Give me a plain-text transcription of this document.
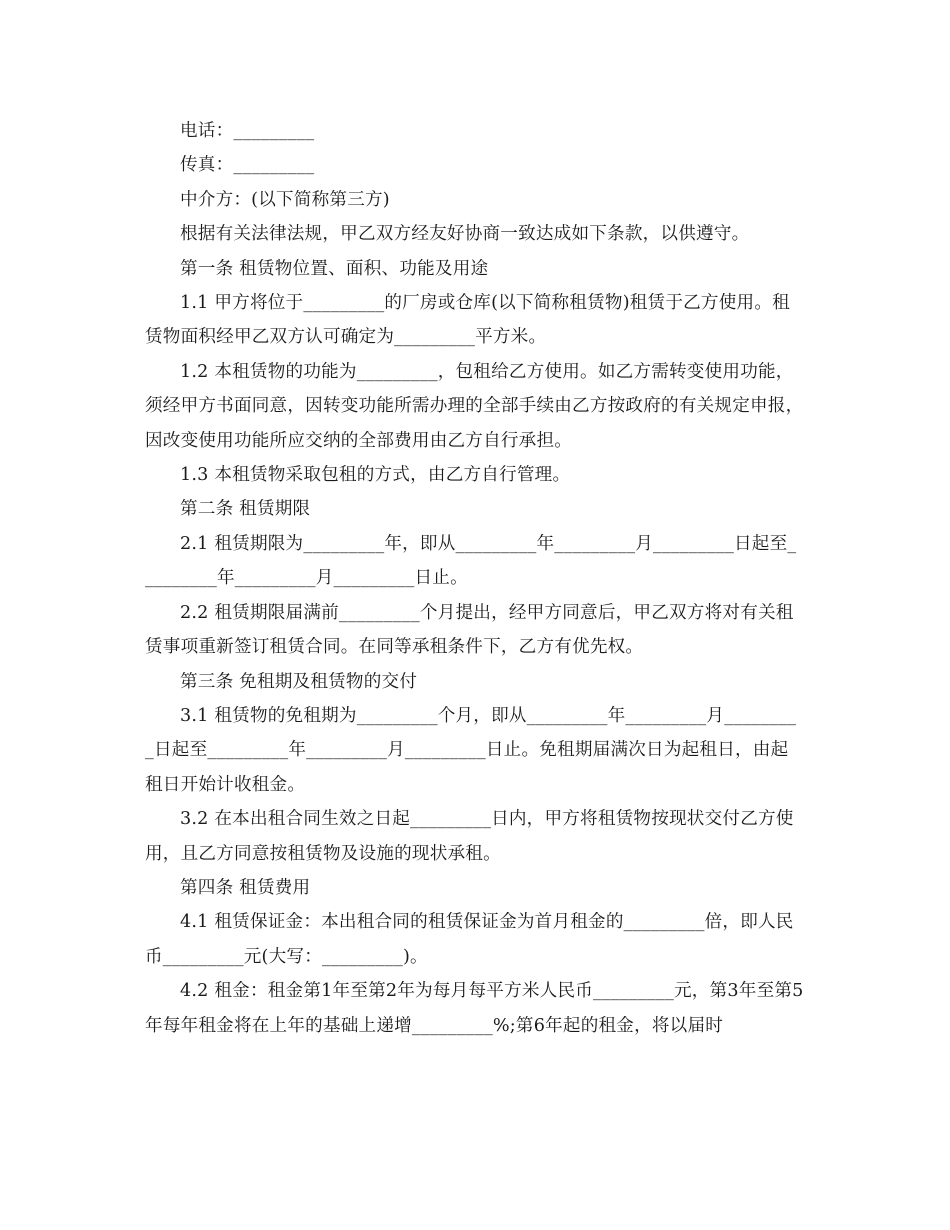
电话：_________

传真：_________

中介方：(以下简称第三方)

根据有关法律法规，甲乙双方经友好协商一致达成如下条款，以供遵守。

第一条 租赁物位置、面积、功能及用途

1.1 甲方将位于_________的厂房或仓库(以下简称租赁物)租赁于乙方使用。租赁物面积经甲乙双方认可确定为_________平方米。

1.2 本租赁物的功能为_________，包租给乙方使用。如乙方需转变使用功能，须经甲方书面同意，因转变功能所需办理的全部手续由乙方按政府的有关规定申报，因改变使用功能所应交纳的全部费用由乙方自行承担。

1.3 本租赁物采取包租的方式，由乙方自行管理。

第二条 租赁期限

2.1 租赁期限为_________年，即从_________年_________月_________日起至_________年_________月_________日止。

2.2 租赁期限届满前_________个月提出，经甲方同意后，甲乙双方将对有关租赁事项重新签订租赁合同。在同等承租条件下，乙方有优先权。

第三条 免租期及租赁物的交付

3.1 租赁物的免租期为_________个月，即从_________年_________月_________日起至_________年_________月_________日止。免租期届满次日为起租日，由起租日开始计收租金。

3.2 在本出租合同生效之日起_________日内，甲方将租赁物按现状交付乙方使用，且乙方同意按租赁物及设施的现状承租。

第四条 租赁费用

4.1 租赁保证金：本出租合同的租赁保证金为首月租金的_________倍，即人民币_________元(大写：_________)。

4.2 租金：租金第1年至第2年为每月每平方米人民币_________元，第3年至第5年每年租金将在上年的基础上递增_________%;第6年起的租金，将以届时
